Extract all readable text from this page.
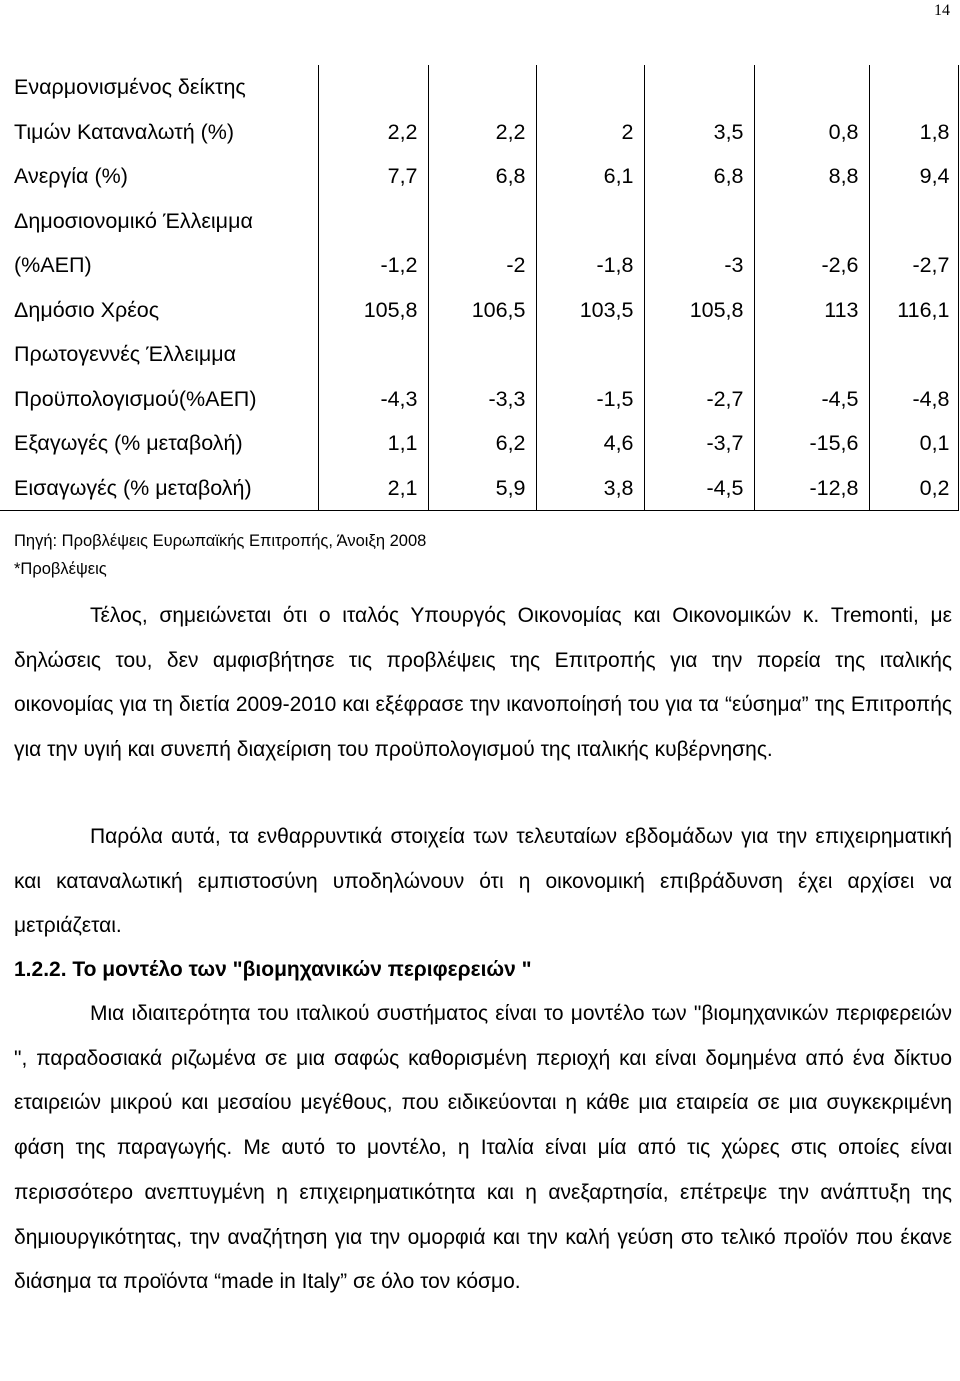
14
Εναρμονισμένος δείκτης
Τιμών Καταναλωτή (%)	2,2	2,2	2	3,5	0,8	1,8

Ανεργία (%)	7,7	6,8	6,1	6,8	8,8	9,4

Δημοσιονομικό Έλλειμμα
(%ΑΕΠ)	-1,2	-2	-1,8	-3	-2,6	-2,7

Δημόσιο Χρέος	105,8	106,5	103,5	105,8	113	116,1

Πρωτογεννές Έλλειμμα
Προϋπολογισμού(%ΑΕΠ)	-4,3	-3,3	-1,5	-2,7	-4,5	-4,8

Εξαγωγές (% μεταβολή)	1,1	6,2	4,6	-3,7	-15,6	0,1

Εισαγωγές (% μεταβολή)	2,1	5,9	3,8	-4,5	-12,8	0,2
Πηγή: Προβλέψεις Ευρωπαϊκής Επιτροπής, Άνοιξη 2008
*Προβλέψεις

Τέλος, σημειώνεται ότι ο ιταλός Υπουργός Οικονομίας και Οικονομικών κ. Tremonti, με δηλώσεις του, δεν αμφισβήτησε τις προβλέψεις της Επιτροπής για την πορεία της ιταλικής οικονομίας για τη διετία 2009-2010 και εξέφρασε την ικανοποίησή του για τα “εύσημα” της Επιτροπής για την υγιή και συνεπή διαχείριση του προϋπολογισμού της ιταλικής κυβέρνησης.

Παρόλα αυτά, τα ενθαρρυντικά στοιχεία των τελευταίων εβδομάδων για την επιχειρηματική και καταναλωτική εμπιστοσύνη υποδηλώνουν ότι η οικονομική επιβράδυνση έχει αρχίσει να μετριάζεται.

1.2.2. Το μοντέλο των "βιομηχανικών περιφερειών "

Μια ιδιαιτερότητα του ιταλικού συστήματος είναι το μοντέλο των "βιομηχανικών περιφερειών ", παραδοσιακά ριζωμένα σε μια σαφώς καθορισμένη περιοχή και είναι δομημένα από ένα δίκτυο εταιρειών μικρού και μεσαίου μεγέθους, που ειδικεύονται η κάθε μια εταιρεία σε μια συγκεκριμένη φάση της παραγωγής. Με αυτό το μοντέλο, η Ιταλία είναι μία από τις χώρες στις οποίες είναι περισσότερο ανεπτυγμένη η επιχειρηματικότητα και η ανεξαρτησία, επέτρεψε την ανάπτυξη της δημιουργικότητας, την αναζήτηση για την ομορφιά και την καλή γεύση στο τελικό προϊόν που έκανε διάσημα τα προϊόντα “made in Italy” σε όλο τον κόσμο.
